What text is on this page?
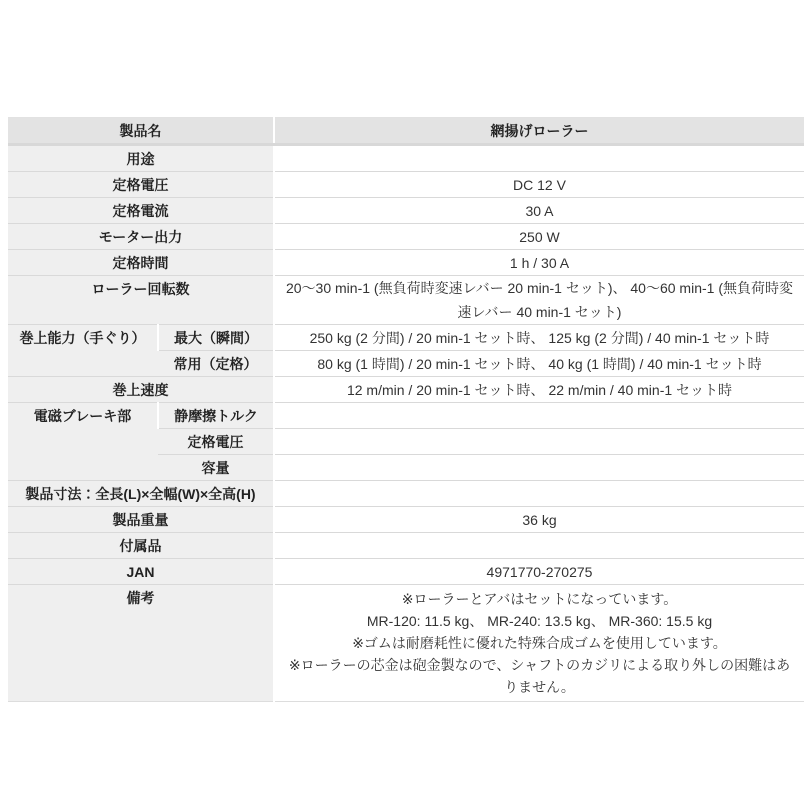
製品名		網揚げローラー
用途		
定格電圧		DC 12 V
定格電流		30 A
モーター出力		250 W
定格時間		1 h / 30 A
ローラー回転数		20〜30 min-1 (無負荷時変速レバー 20 min-1 セット)、 40〜60 min-1 (無負荷時変速レバー 40 min-1 セット)
巻上能力（手ぐり）	最大（瞬間）	250 kg (2 分間) / 20 min-1 セット時、 125 kg (2 分間) / 40 min-1 セット時
	常用（定格）	80 kg (1 時間) / 20 min-1 セット時、 40 kg (1 時間) / 40 min-1 セット時
巻上速度		12 m/min / 20 min-1 セット時、 22 m/min / 40 min-1 セット時
電磁ブレーキ部	静摩擦トルク	
	定格電圧	
	容量	
製品寸法：全長(L)×全幅(W)×全高(H)		
製品重量		36 kg
付属品		
JAN		4971770-270275
備考		※ローラーとアバはセットになっています。
MR-120: 11.5 kg、 MR-240: 13.5 kg、 MR-360: 15.5 kg
※ゴムは耐磨耗性に優れた特殊合成ゴムを使用しています。
※ローラーの芯金は砲金製なので、シャフトのカジリによる取り外しの困難はありません。
